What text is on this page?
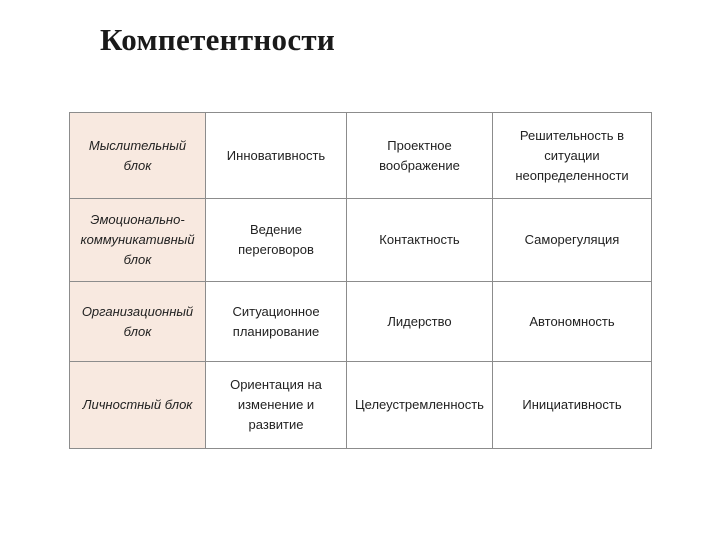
Компетентности
Мыслительный блок	Инновативность	Проектное воображение	Решительность в ситуации неопределенности
Эмоционально-коммуникативный блок	Ведение переговоров	Контактность	Саморегуляция
Организационный блок	Ситуационное планирование	Лидерство	Автономность
Личностный блок	Ориентация на изменение и развитие	Целеустремленность	Инициативность
